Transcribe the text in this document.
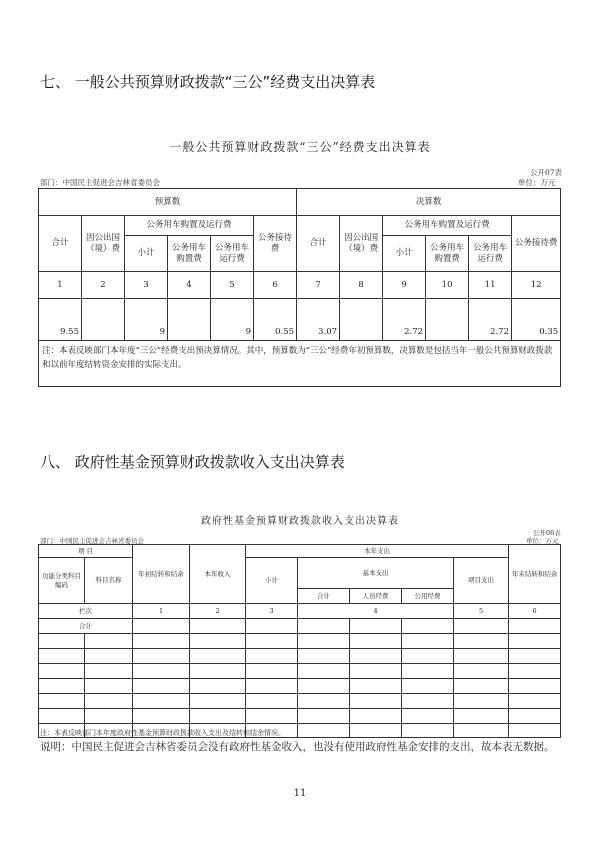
七、 一般公共预算财政拨款“三公”经费支出决算表
一般公共预算财政拨款“三公”经费支出决算表
公开07表
部门：中国民主促进会吉林省委员会	单位：万元
预算数						决算数					
合计	因公出国（境）费	公务用车购置及运行费			公务接待费	合计	因公出国（境）费	公务用车购置及运行费			公务接待费
		小计	公务用车购置费	公务用车运行费				小计	公务用车购置费	公务用车运行费	
1	2	3	4	5	6	7	8	9	10	11	12
9.55		9		9	0.55	3.07		2.72		2.72	0.35
注：本表反映部门本年度“三公”经费支出预决算情况。其中，预算数为“三公”经费年初预算数，决算数是包括当年一般公共预算财政拨款和以前年度结转资金安排的实际支出。											
八、 政府性基金预算财政拨款收入支出决算表
政府性基金预算财政拨款收入支出决算表
公开08表
部门：中国民主促进会吉林省委员会	单位：万元
项 目		年初结转和结余	本年收入	本年支出					年末结转和结余
功能分类科目编码	科目名称			小计	基本支出			项目支出	
					合计	人员经费	公用经费		
栏次		1	2	3	4			5	6
合计									

注：本表反映部门本年度政府性基金预算财政拨款收入支出及结转和结余情况。
说明：中国民主促进会吉林省委员会没有政府性基金收入，也没有使用政府性基金安排的支出，故本表无数据。
11
